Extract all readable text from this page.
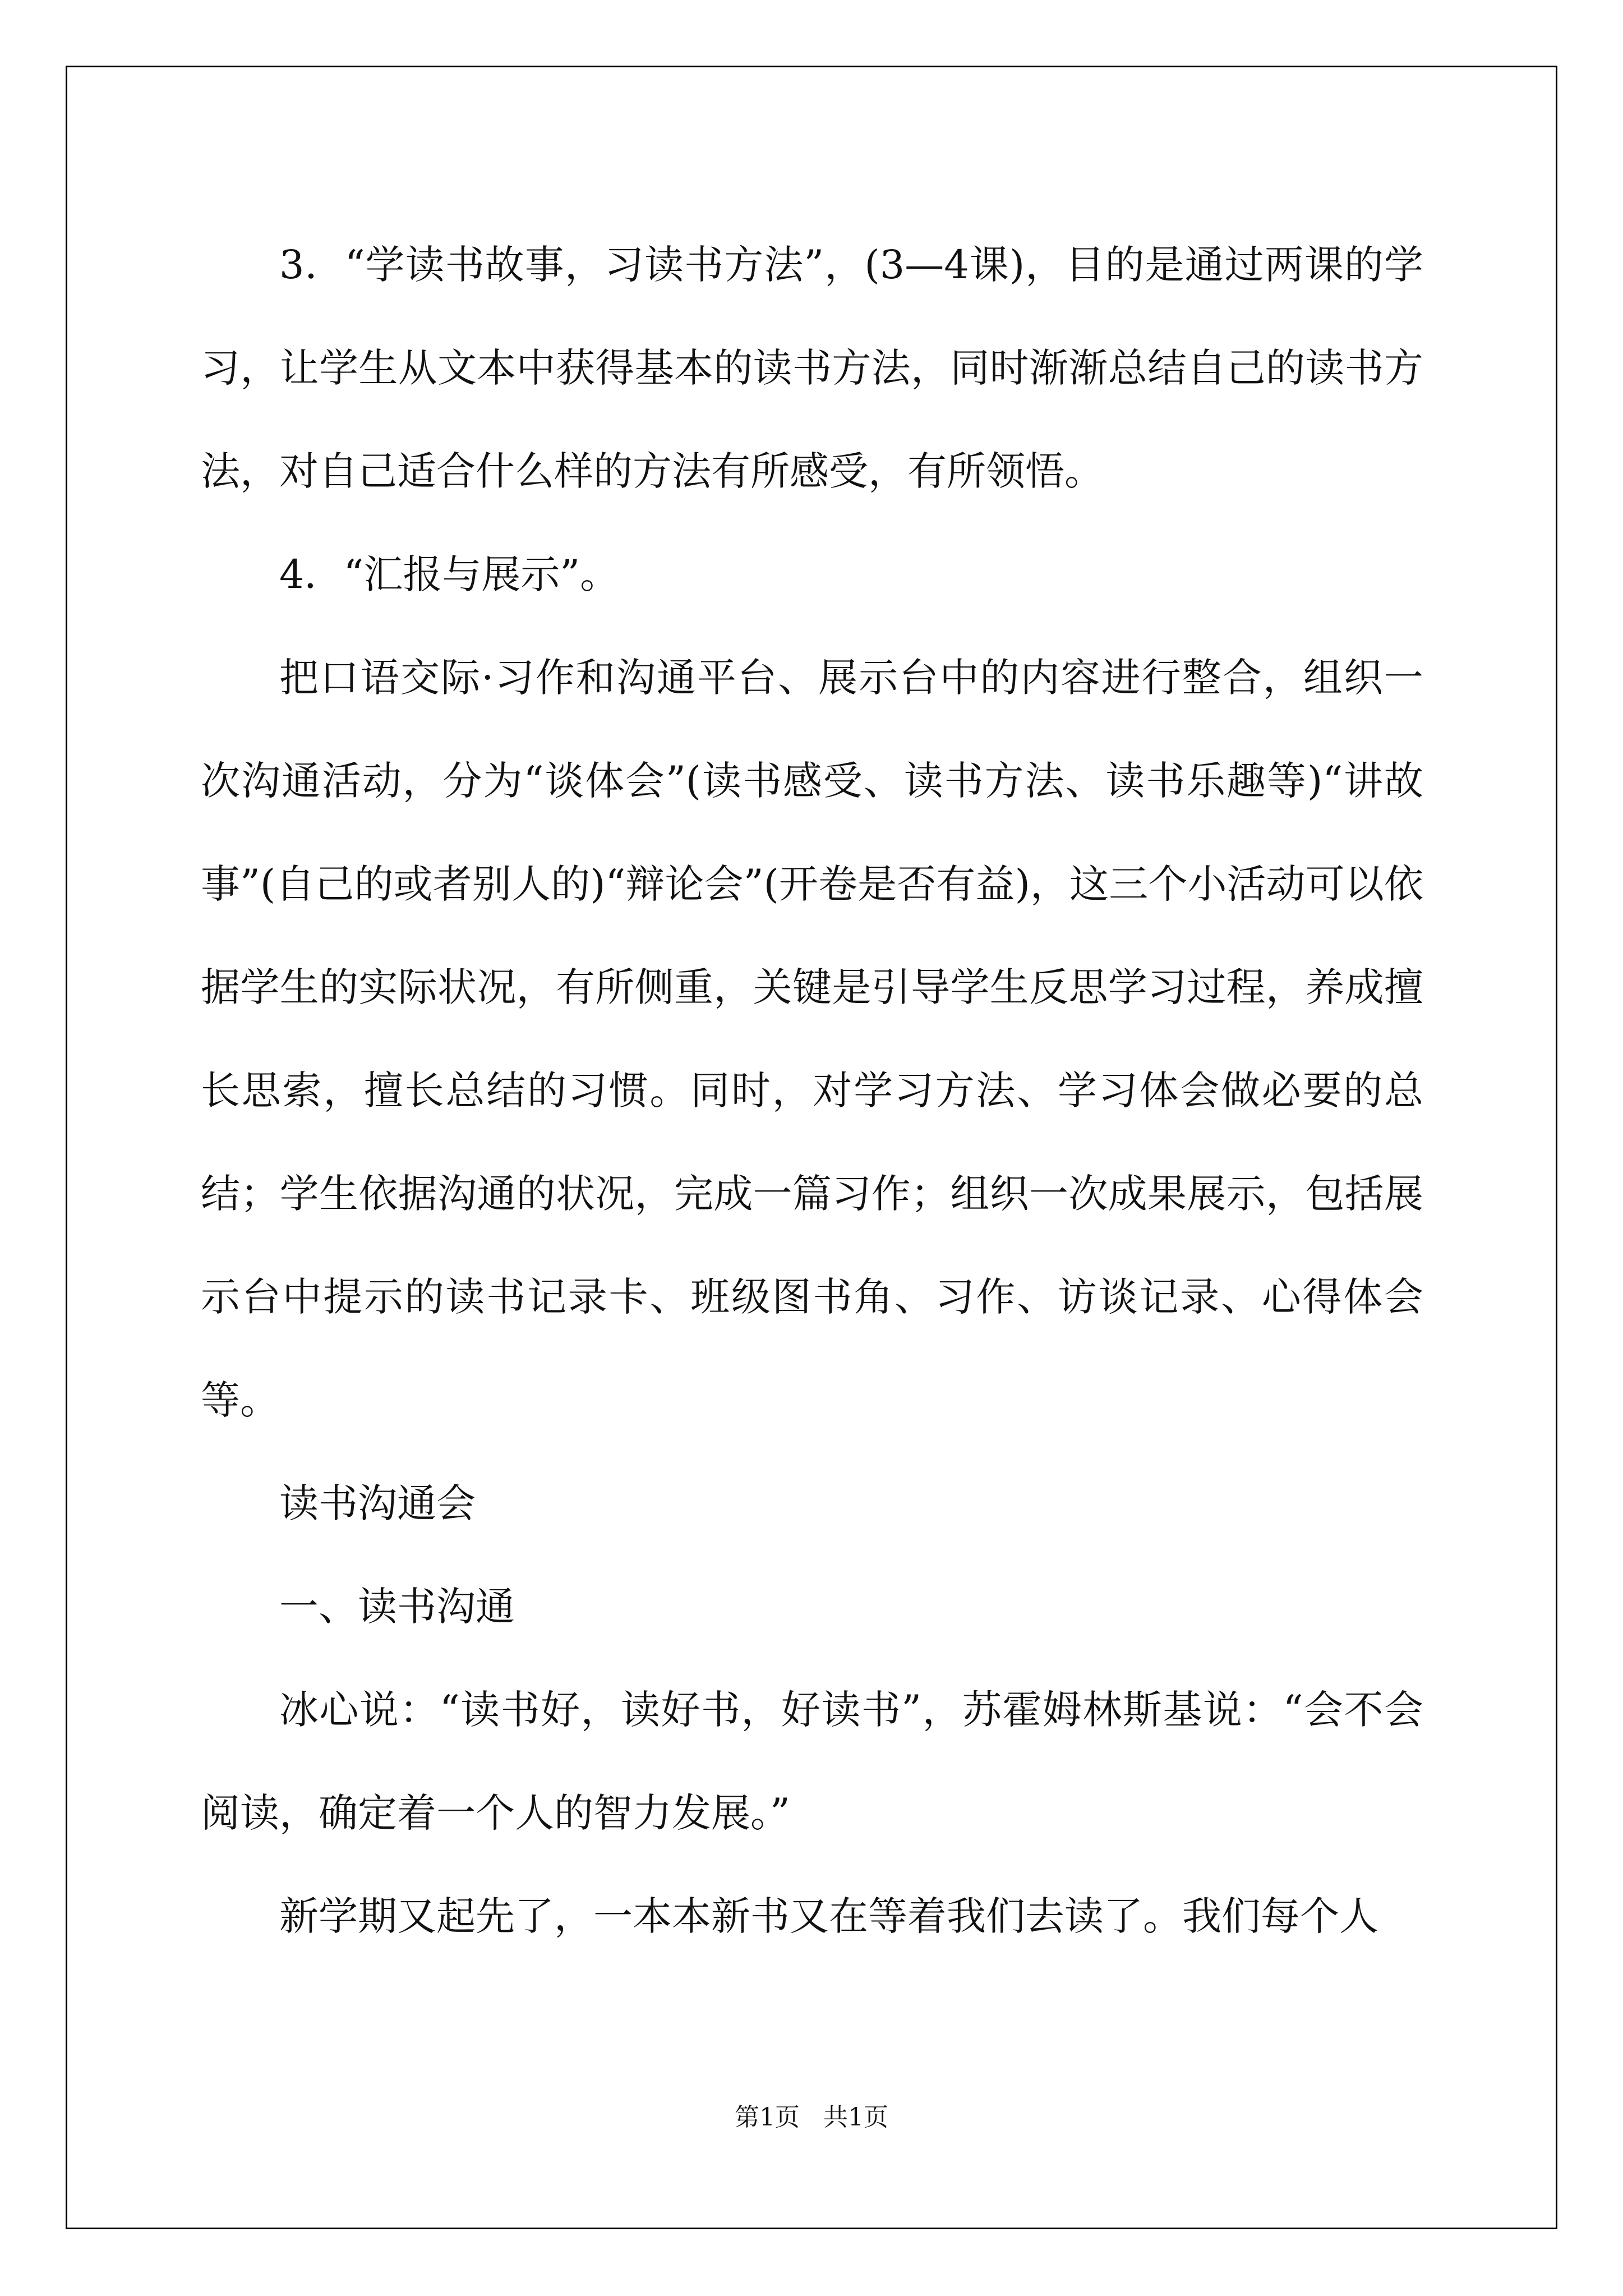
3．“学读书故事，习读书方法”，(3—4课)，目的是通过两课的学习，让学生从文本中获得基本的读书方法，同时渐渐总结自己的读书方法，对自己适合什么样的方法有所感受，有所领悟。

4．“汇报与展示”。

把口语交际·习作和沟通平台、展示台中的内容进行整合，组织一次沟通活动，分为“谈体会”(读书感受、读书方法、读书乐趣等)“讲故事”(自己的或者别人的)“辩论会”(开卷是否有益)，这三个小活动可以依据学生的实际状况，有所侧重，关键是引导学生反思学习过程，养成擅长思索，擅长总结的习惯。同时，对学习方法、学习体会做必要的总结；学生依据沟通的状况，完成一篇习作；组织一次成果展示，包括展示台中提示的读书记录卡、班级图书角、习作、访谈记录、心得体会等。

读书沟通会

一、读书沟通

冰心说：“读书好，读好书，好读书”，苏霍姆林斯基说：“会不会阅读，确定着一个人的智力发展。”

新学期又起先了，一本本新书又在等着我们去读了。我们每个人

第1页   共1页
